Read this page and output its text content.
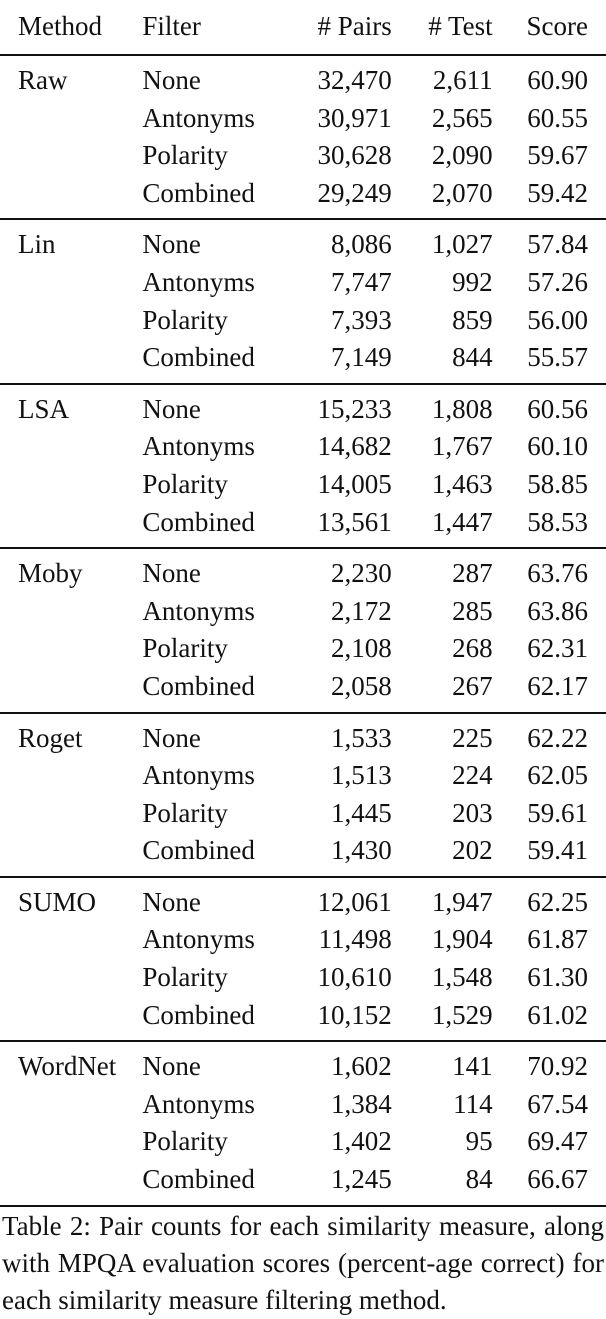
Method	Filter	# Pairs	# Test	Score
Raw	None	32,470	2,611	60.90
	Antonyms	30,971	2,565	60.55
	Polarity	30,628	2,090	59.67
	Combined	29,249	2,070	59.42
Lin	None	8,086	1,027	57.84
	Antonyms	7,747	992	57.26
	Polarity	7,393	859	56.00
	Combined	7,149	844	55.57
LSA	None	15,233	1,808	60.56
	Antonyms	14,682	1,767	60.10
	Polarity	14,005	1,463	58.85
	Combined	13,561	1,447	58.53
Moby	None	2,230	287	63.76
	Antonyms	2,172	285	63.86
	Polarity	2,108	268	62.31
	Combined	2,058	267	62.17
Roget	None	1,533	225	62.22
	Antonyms	1,513	224	62.05
	Polarity	1,445	203	59.61
	Combined	1,430	202	59.41
SUMO	None	12,061	1,947	62.25
	Antonyms	11,498	1,904	61.87
	Polarity	10,610	1,548	61.30
	Combined	10,152	1,529	61.02
WordNet	None	1,602	141	70.92
	Antonyms	1,384	114	67.54
	Polarity	1,402	95	69.47
	Combined	1,245	84	66.67
Table 2: Pair counts for each similarity measure, along with MPQA evaluation scores (percent-age correct) for each similarity measure filtering method.
